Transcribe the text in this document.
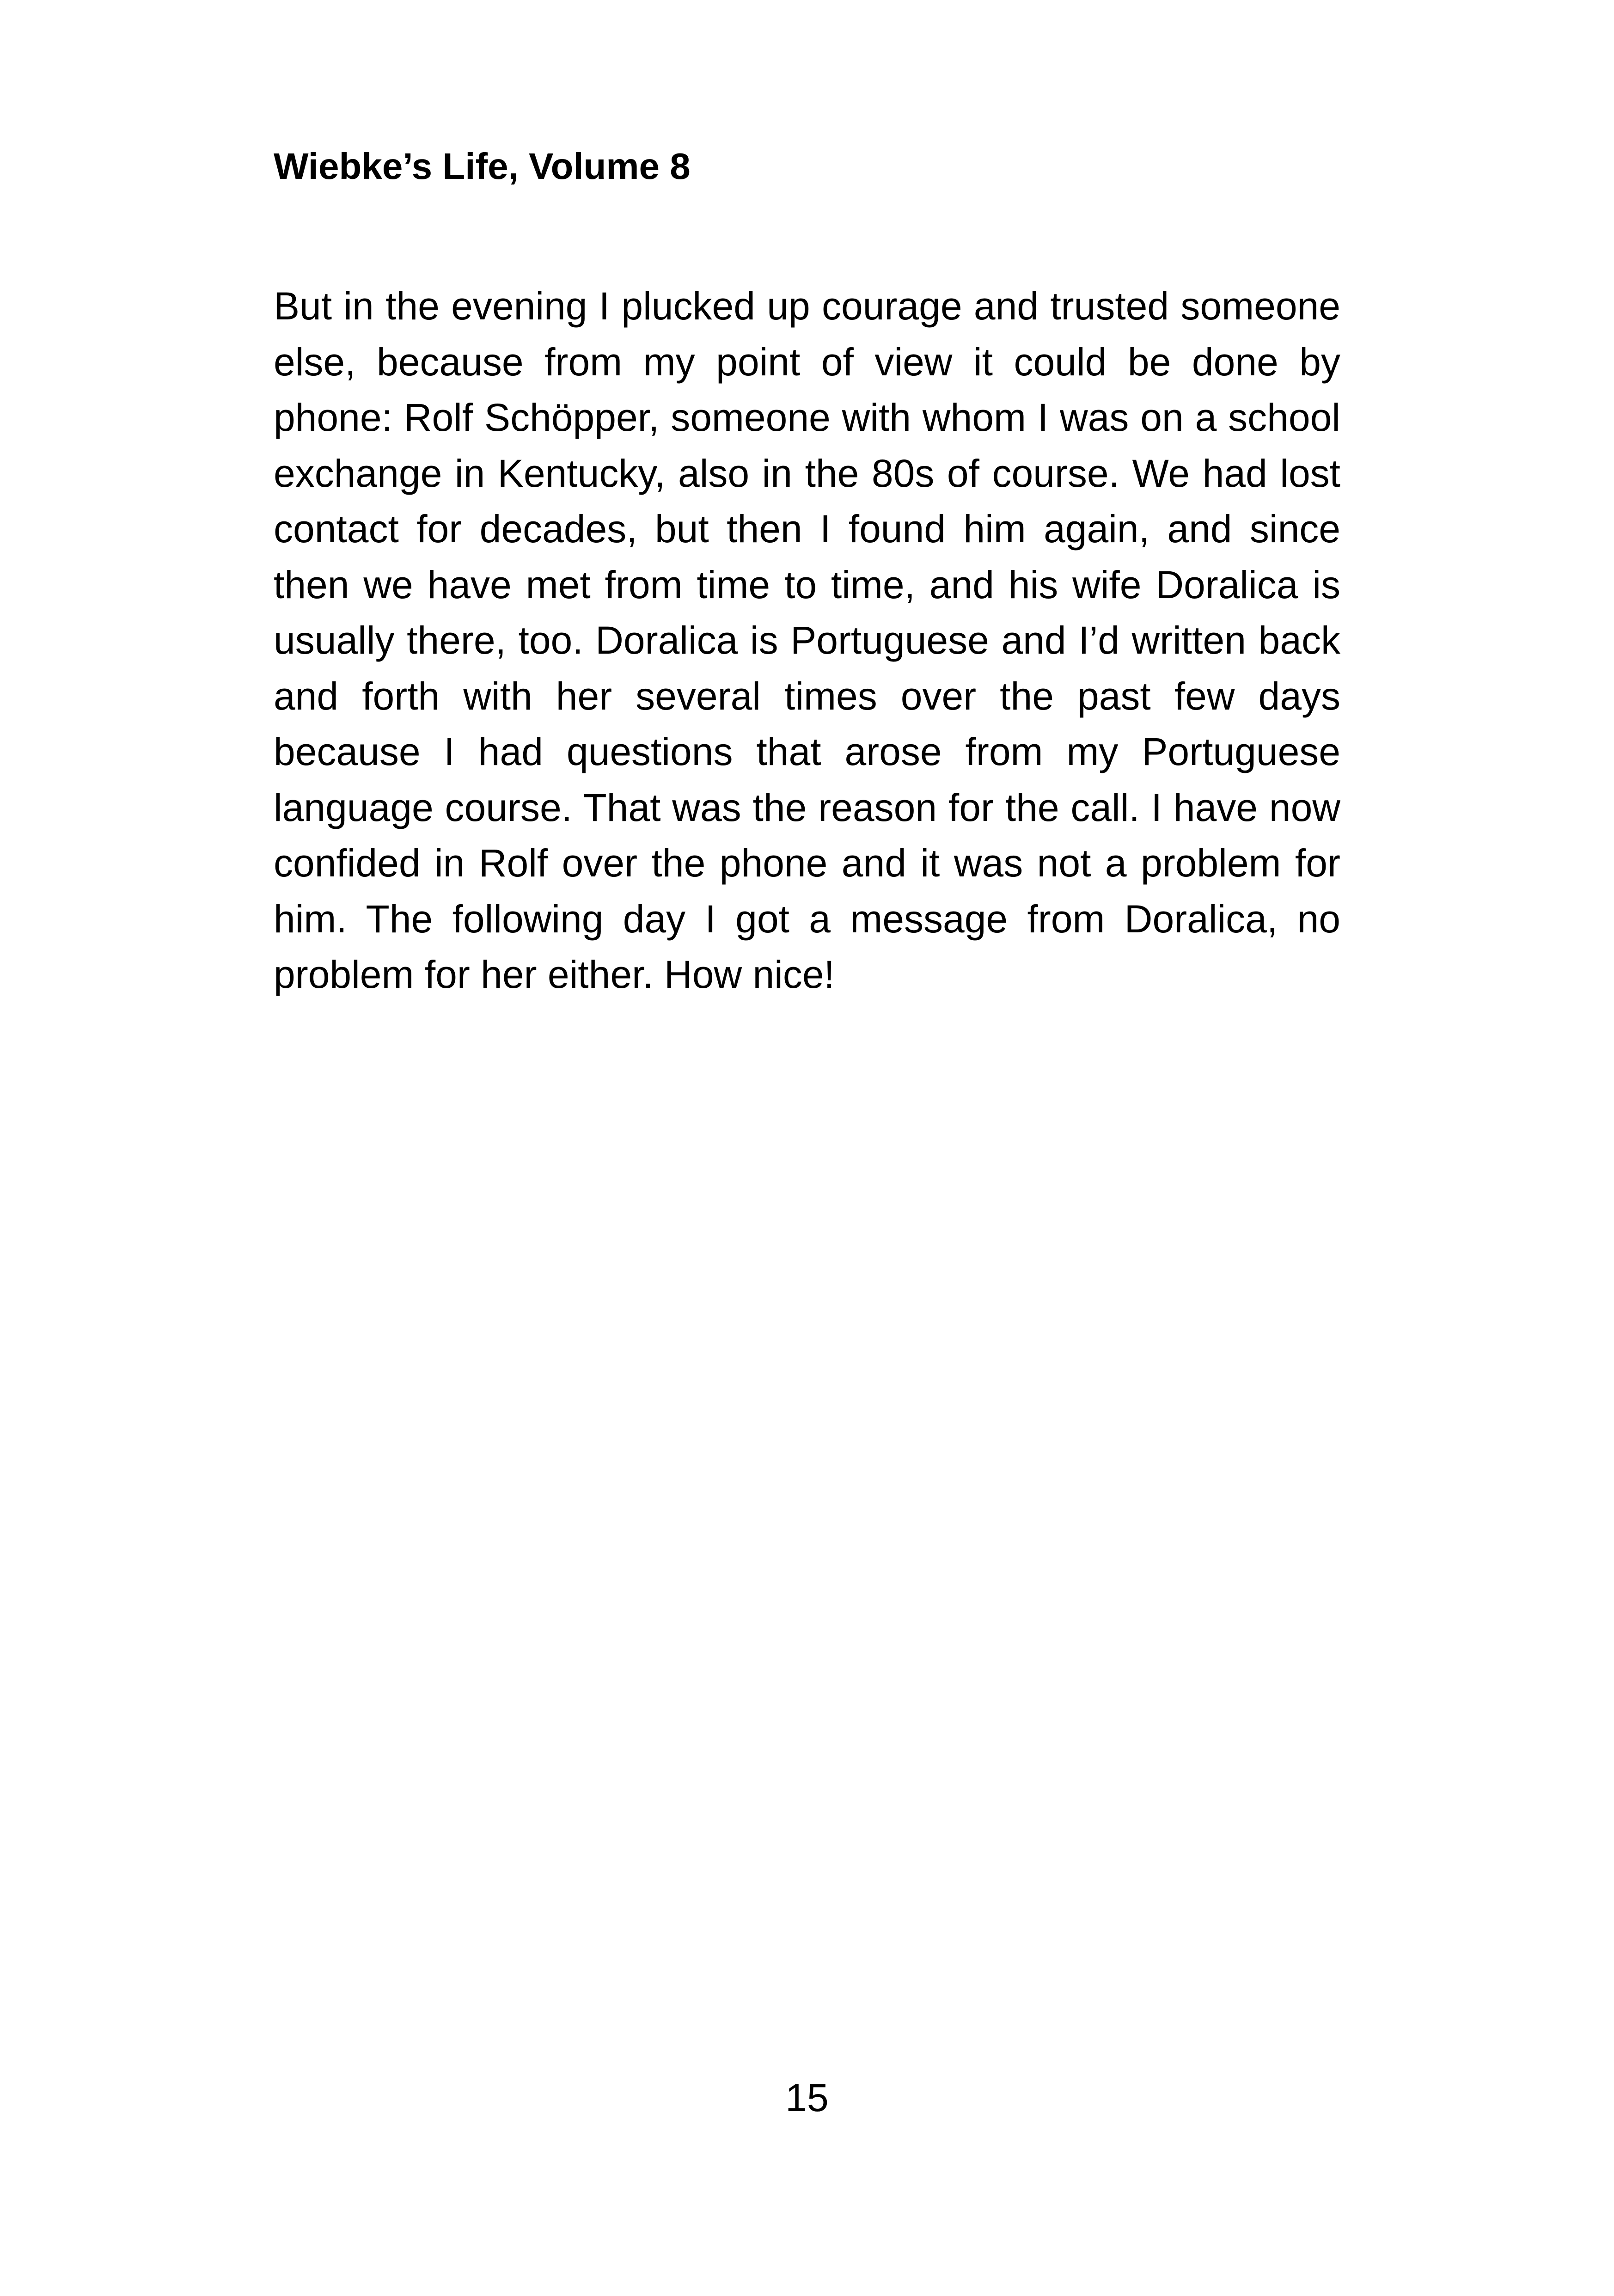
Wiebke’s Life, Volume 8
But in the evening I plucked up courage and trusted someone
else, because from my point of view it could be done by
phone: Rolf Schöpper, someone with whom I was on a school
exchange in Kentucky, also in the 80s of course. We had lost
contact for decades, but then I found him again, and since
then we have met from time to time, and his wife Doralica is
usually there, too. Doralica is Portuguese and I’d written back
and forth with her several times over the past few days
because I had questions that arose from my Portuguese
language course. That was the reason for the call. I have now
confided in Rolf over the phone and it was not a problem for
him. The following day I got a message from Doralica, no
problem for her either. How nice!

15
